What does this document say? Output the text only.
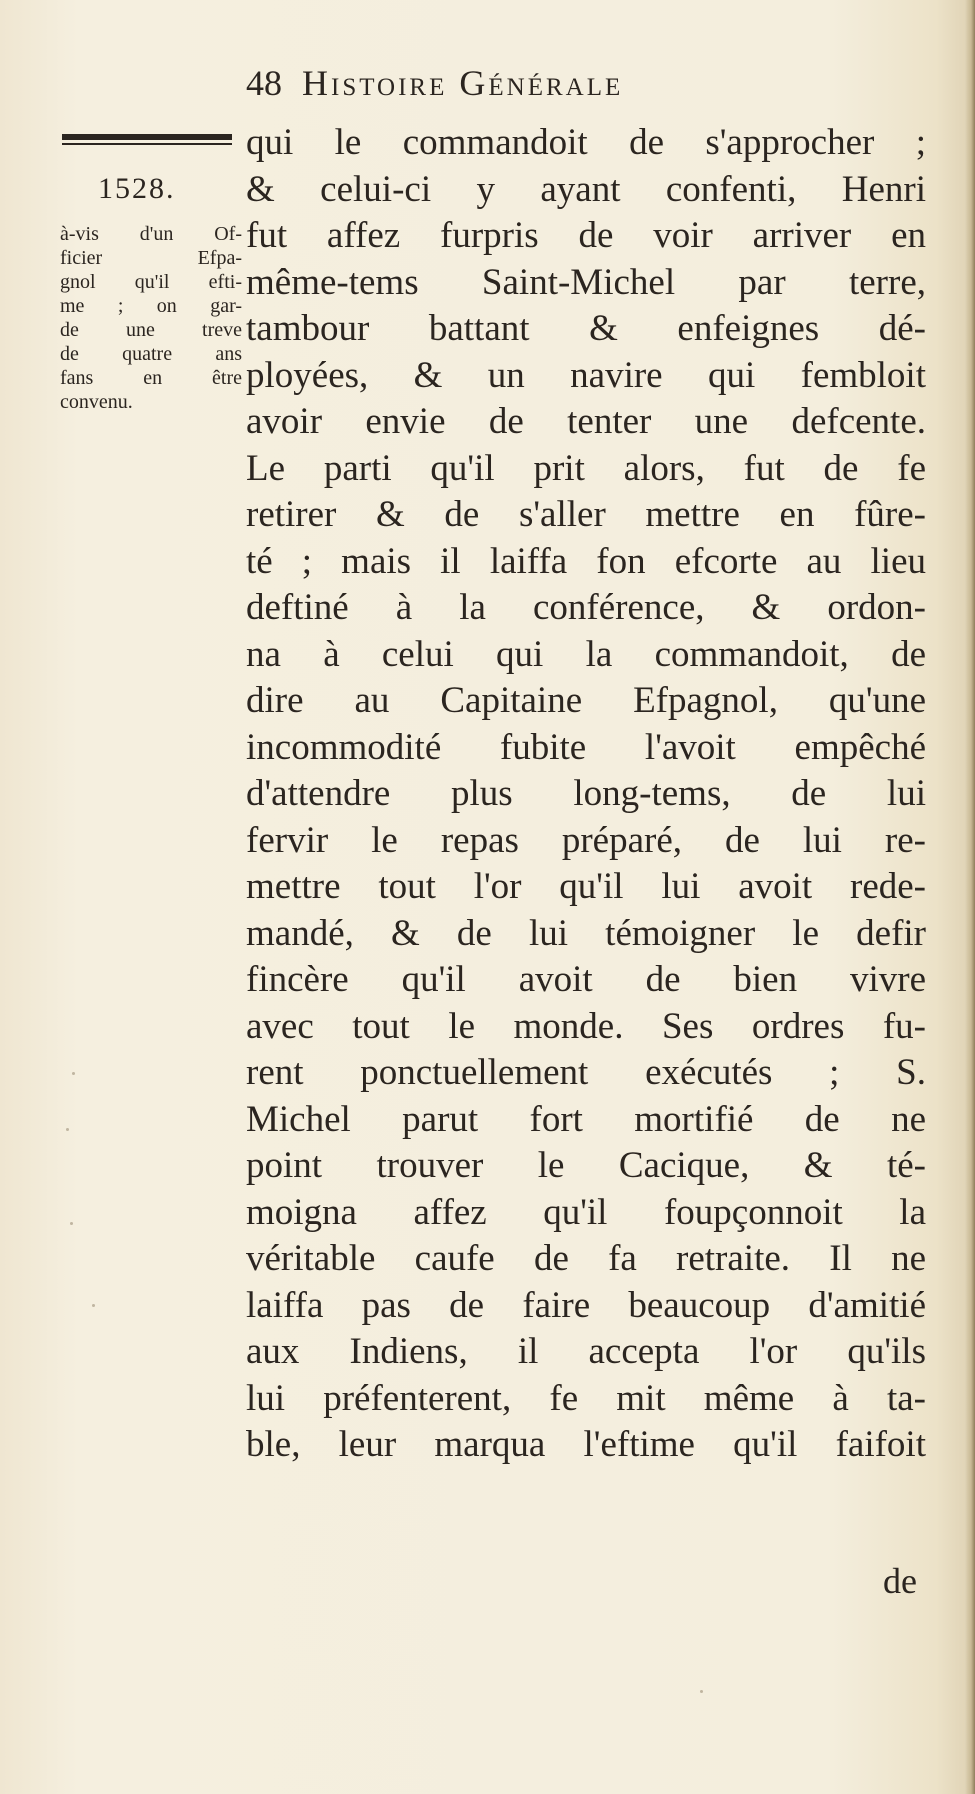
48 Histoire Générale
1528.
à-vis d'un Of-
ficier Efpa-
gnol qu'il efti-
me ; on gar-
de une treve
de quatre ans
fans en être
convenu.
qui le commandoit de s'approcher ;
& celui-ci y ayant confenti, Henri
fut affez furpris de voir arriver en
même-tems Saint-Michel par terre,
tambour battant & enfeignes dé-
ployées, & un navire qui fembloit
avoir envie de tenter une defcente.
Le parti qu'il prit alors, fut de fe
retirer & de s'aller mettre en fûre-
té ; mais il laiffa fon efcorte au lieu
deftiné à la conférence, & ordon-
na à celui qui la commandoit, de
dire au Capitaine Efpagnol, qu'une
incommodité fubite l'avoit empêché
d'attendre plus long-tems, de lui
fervir le repas préparé, de lui re-
mettre tout l'or qu'il lui avoit rede-
mandé, & de lui témoigner le defir
fincère qu'il avoit de bien vivre
avec tout le monde. Ses ordres fu-
rent ponctuellement exécutés ; S.
Michel parut fort mortifié de ne
point trouver le Cacique, & té-
moigna affez qu'il foupçonnoit la
véritable caufe de fa retraite. Il ne
laiffa pas de faire beaucoup d'amitié
aux Indiens, il accepta l'or qu'ils
lui préfenterent, fe mit même à ta-
ble, leur marqua l'eftime qu'il faifoit
de
